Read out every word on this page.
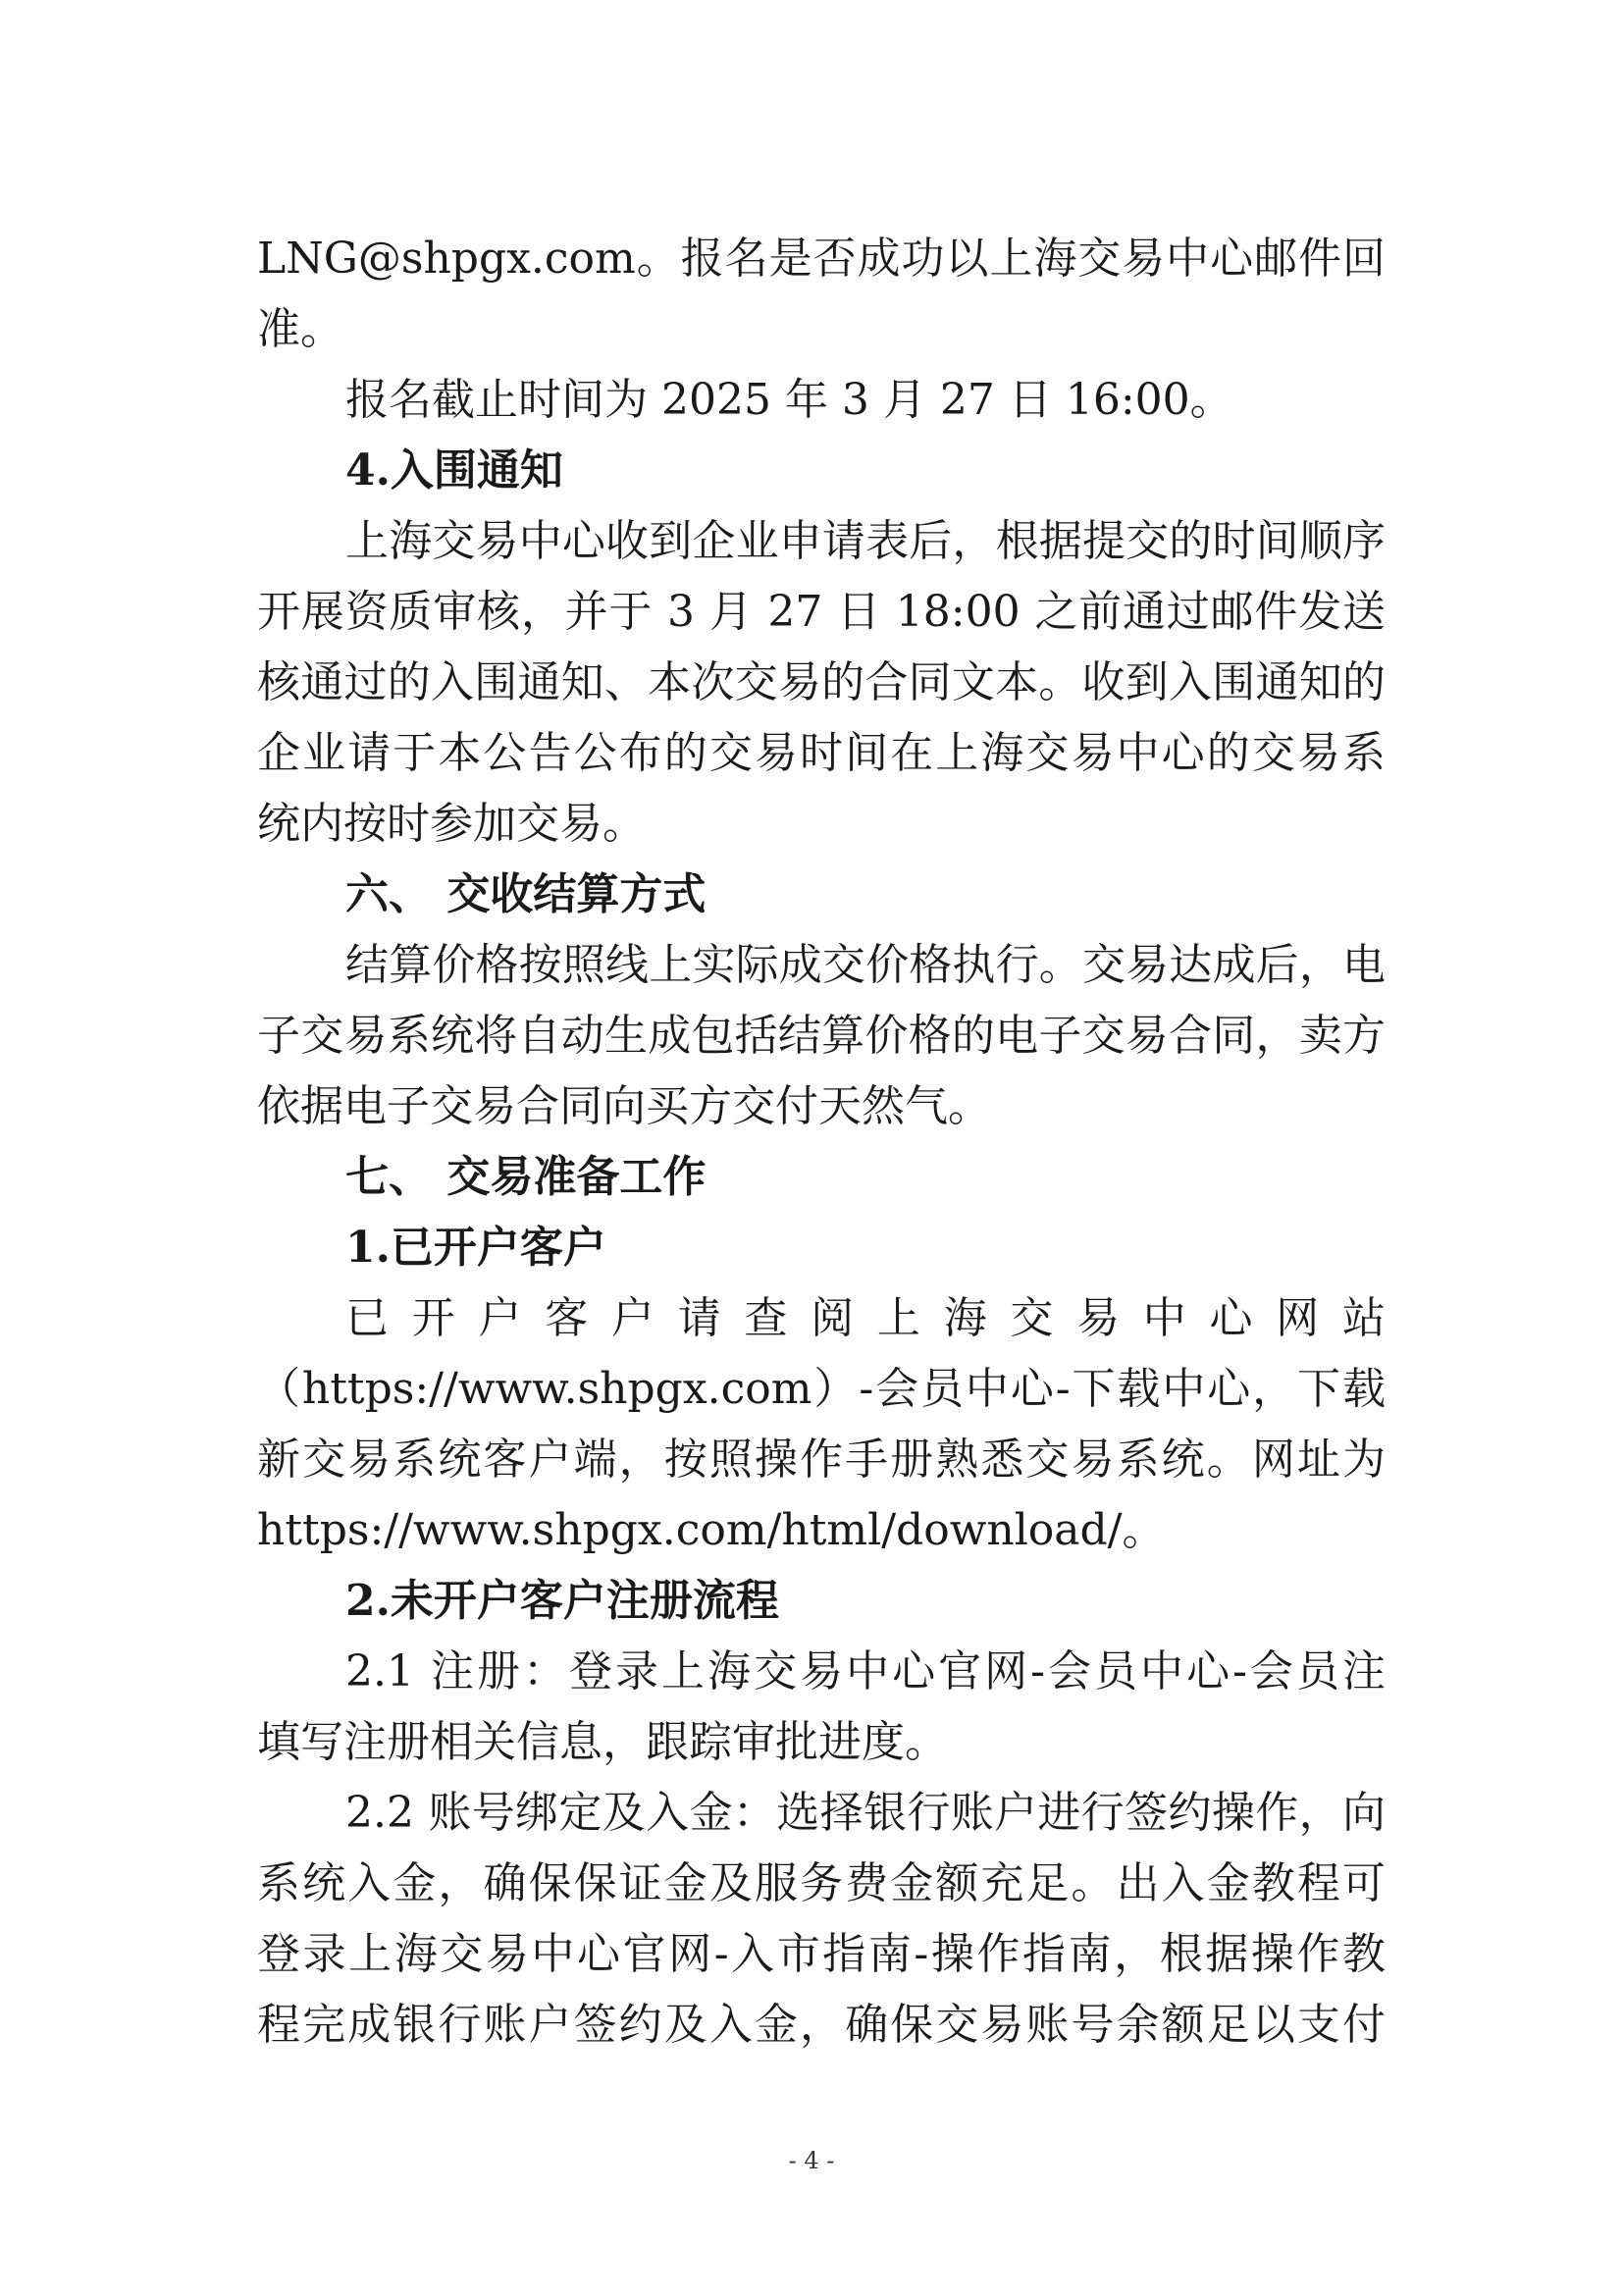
LNG@shpgx.com。报名是否成功以上海交易中心邮件回
准。
报名截止时间为 2025 年 3 月 27 日 16:00。
4.入围通知
上海交易中心收到企业申请表后，根据提交的时间顺序
开展资质审核，并于 3 月 27 日 18:00 之前通过邮件发送
核通过的入围通知、本次交易的合同文本。收到入围通知的
企业请于本公告公布的交易时间在上海交易中心的交易系
统内按时参加交易。
六、 交收结算方式
结算价格按照线上实际成交价格执行。交易达成后，电
子交易系统将自动生成包括结算价格的电子交易合同，卖方
依据电子交易合同向买方交付天然气。
七、 交易准备工作
1.已开户客户
已 开 户 客 户 请 查 阅 上 海 交 易 中 心 网 站
（https://www.shpgx.com）-会员中心-下载中心，下载
新交易系统客户端，按照操作手册熟悉交易系统。网址为
https://www.shpgx.com/html/download/。
2.未开户客户注册流程
2.1 注册：登录上海交易中心官网-会员中心-会员注
填写注册相关信息，跟踪审批进度。
2.2 账号绑定及入金：选择银行账户进行签约操作，向
系统入金，确保保证金及服务费金额充足。出入金教程可
登录上海交易中心官网-入市指南-操作指南，根据操作教
程完成银行账户签约及入金，确保交易账号余额足以支付
- 4 -
